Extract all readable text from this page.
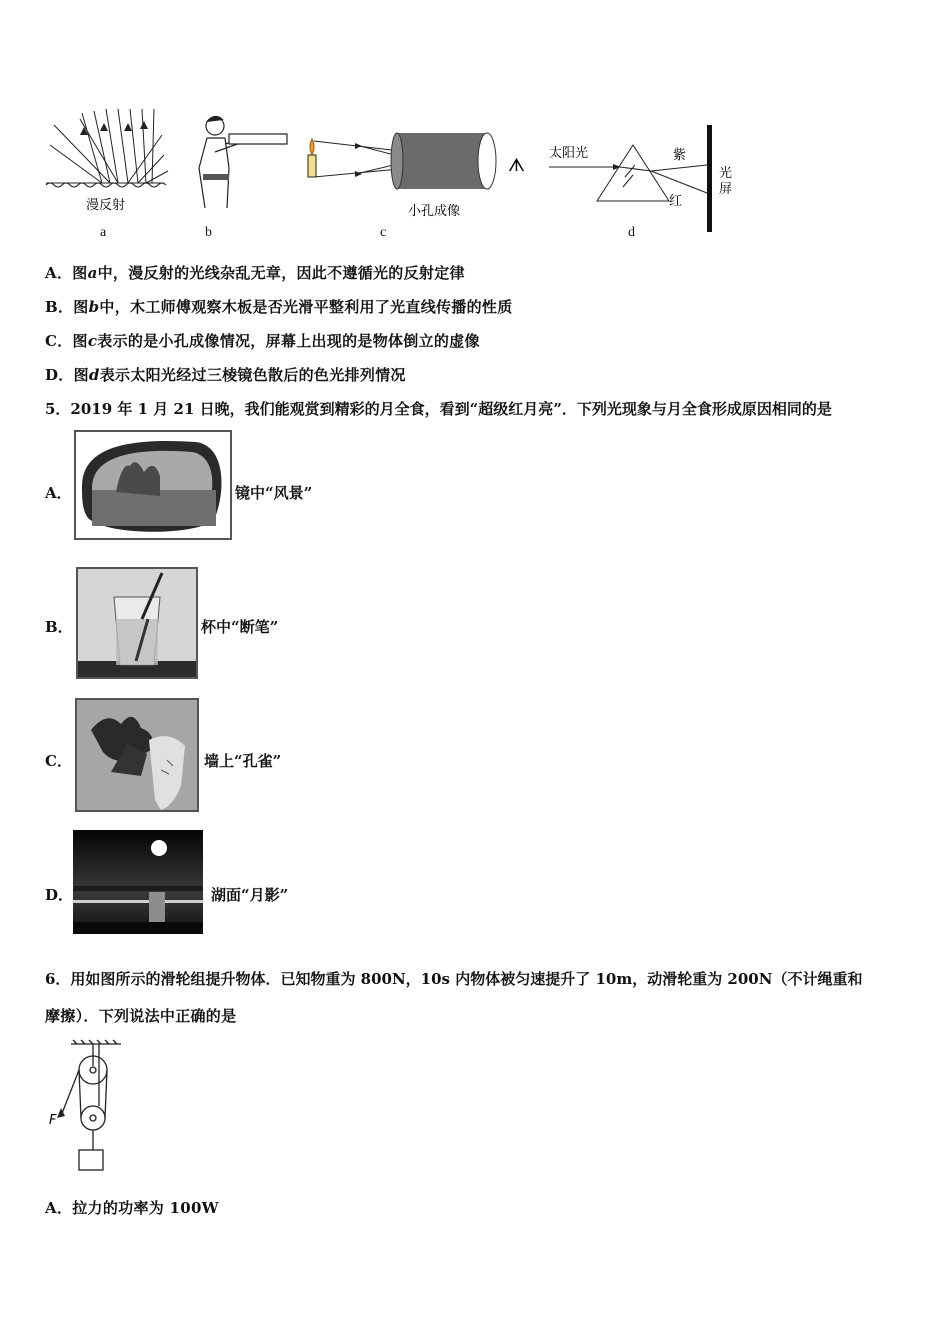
漫反射
a	b
小孔成像
ᗑ
c
太阳光	紫
红
光
屏
d
A．图a中，漫反射的光线杂乱无章，因此不遵循光的反射定律
B．图b中，木工师傅观察木板是否光滑平整利用了光直线传播的性质
C．图c表示的是小孔成像情况，屏幕上出现的是物体倒立的虚像
D．图d表示太阳光经过三棱镜色散后的色光排列情况
5．2019 年 1 月 21 日晚，我们能观赏到精彩的月全食，看到“超级红月亮”．下列光现象与月全食形成原因相同的是
A．	镜中“风景”
B．	杯中“断笔”
C．	墙上“孔雀”
D．	湖面“月影”
6．用如图所示的滑轮组提升物体．已知物重为 800N，10s 内物体被匀速提升了 10m，动滑轮重为 200N（不计绳重和
摩擦）．下列说法中正确的是
F
A．拉力的功率为 100W
